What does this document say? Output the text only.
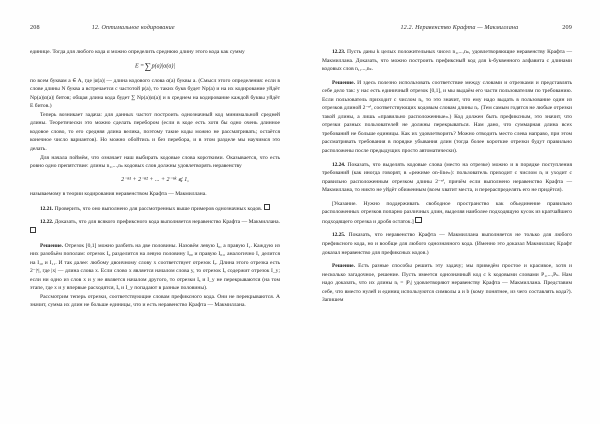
208	12. Оптимальное кодирование

единице. Тогда для любого кода α можно определить среднюю длину этого кода как сумму

E =∑p(a)|α(a)|

по всем буквам a ∈ A, где |α(a)| — длина кодового слова α(a) буквы a. (Смысл этого определения: если в слове длины N буква a встречается с частотой p(a), то таких букв будет Np(a) и на их кодирование уйдёт Np(a)|α(a)| битов; общая длина кода будет ∑ Np(a)|α(a)| и в среднем на кодирование каждой буквы уйдёт E битов.)

Теперь возникает задача: для данных частот построить однозначный код минимальной средней длины. Теоретически это можно сделать перебором (если в коде есть хотя бы одно очень длинное кодовое слово, то его средняя длина велика, поэтому такие коды можно не рассматривать; остаётся конечное число вариантов). Но можно обойтись и без перебора, и в этом разделе мы научимся это делать.

Для начала поймём, что означает наш выбирать кодовые слова короткими. Оказывается, что есть ровно одно препятствие: длины n₁,...,nₖ кодовых слов должны удовлетворять неравенству

2⁻ⁿ¹ + 2⁻ⁿ² + ... + 2⁻ⁿᵏ ⩽ 1,

называемому в теории кодирования неравенством Крафта — Макмиллана.

12.21. Проверить, что оно выполнено для рассмотренных выше примеров однозначных кодов.

12.22. Доказать, что для всякого префиксного кода выполняется неравенство Крафта — Макмиллана.

Решение. Отрезок [0,1] можно разбить на две половины. Назовём левую I₀, а правую I₁. Каждую из них разобьём пополам: отрезок I₀ разделится на левую половину I₀₀ и правую I₀₁, аналогично I₁ делится на I₁₀ и I₁₁. И так далее: любому двоичному слову x соответствует отрезок Iₓ. Длина этого отрезка есть 2⁻|ˣ|, где |x| — длина слова x. Если слово x является началом слова y, то отрезок Iₓ содержит отрезок I_y; если ни одно из слов x и y не является началом другого, то отрезки Iₓ и I_y не перекрываются (на том этапе, где x и y впервые расходятся, Iₓ и I_y попадают в разные половины).

Рассмотрим теперь отрезки, соответствующие словам префиксного кода. Они не перекрываются. А значит, сумма их длин не больше единицы, что и есть неравенство Крафта — Макмиллана.

12.2. Неравенство Крафта — Макмиллана	209

12.23. Пусть даны k целых положительных чисел n₁,...,nₖ, удовлетворяющие неравенству Крафта — Макмиллана. Доказать, что можно построить префиксный код для k-буквенного алфавита с длинами кодовых слов n₁,...,nₖ.

Решение. И здесь полезно использовать соответствие между словами и отрезками и представлять себе дело так: у нас есть единичный отрезок [0,1], и мы выдаём его части пользователям по требованию. Если пользователь приходит с числом nᵢ, то это значит, что ему надо выдать в пользование один из отрезков длиной 2⁻ⁿⁱ, соответствующих кодовым словам длины nᵢ. (Тем самым годятся не любые отрезки такой длины, а лишь «правильно расположенные».) Код должен быть префиксным, это значит, что отрезки разных пользователей не должны перекрываться. Нам дано, что суммарная длина всех требований не больше единицы. Как их удовлетворить? Можно отводить место слева направо, при этом рассматривать требования в порядке убывания длин (тогда более короткие отрезки будут правильно расположены после предыдущих просто автоматически).

12.24. Показать, что выделять кодовые слова (место на отрезке) можно и в порядке поступления требований (как иногда говорят, в «режиме on-line»): пользователь приходит с числом nᵢ и уходит с правильно расположенным отрезком длины 2⁻ⁿⁱ, причём если выполнено неравенство Крафта — Макмиллана, то никто не уйдёт обиженным (всем хватит места, и перераспределять его не придётся).

[Указание. Нужно поддерживать свободное пространство как объединение правильно расположенных отрезков попарно различных длин, выделяя наиболее подходящую кусок из кратчайшего подходящего отрезка и дробя остаток.]

12.25. Показать, что неравенство Крафта — Макмиллана выполняется не только для любого префиксного кода, но и вообще для любого однозначного кода. (Именно это доказал Макмиллан; Крафт доказал неравенство для префиксных кодов.)

Решение. Есть разные способы решить эту задачу; мы приведём простое и красивое, хотя и несколько загадочное, решение. Пусть имеется однозначный код с k кодовыми словами P₁,...,Pₖ. Нам надо доказать, что их длины nᵢ = |Pᵢ| удовлетворяют неравенству Крафта — Макмиллана. Представим себе, что вместо нулей и единиц используются символы a и b (кому понятнее, из чего составлять кода?). Запишем
